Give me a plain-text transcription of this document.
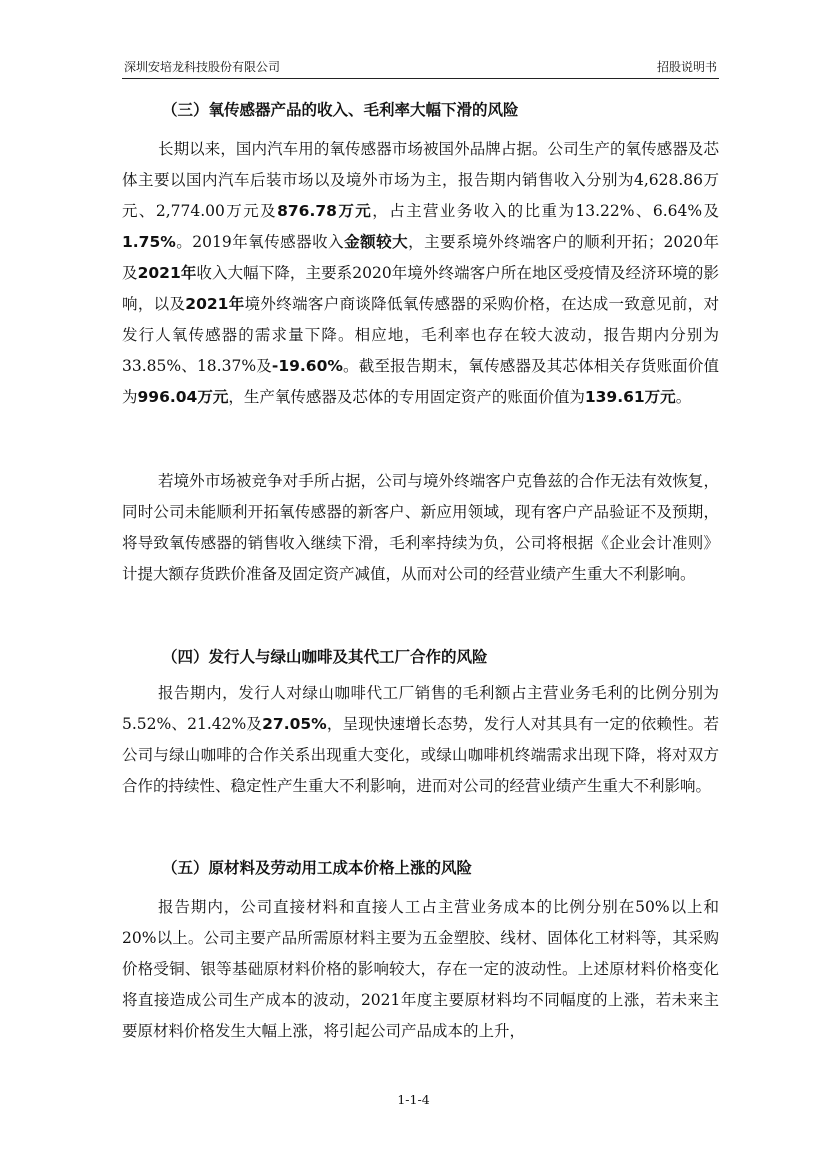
深圳安培龙科技股份有限公司	招股说明书
（三）氧传感器产品的收入、毛利率大幅下滑的风险
长期以来，国内汽车用的氧传感器市场被国外品牌占据。公司生产的氧传感器及芯体主要以国内汽车后装市场以及境外市场为主，报告期内销售收入分别为4,628.86万元、2,774.00万元及876.78万元，占主营业务收入的比重为13.22%、6.64%及1.75%。2019年氧传感器收入金额较大，主要系境外终端客户的顺利开拓；2020年及2021年收入大幅下降，主要系2020年境外终端客户所在地区受疫情及经济环境的影响，以及2021年境外终端客户商谈降低氧传感器的采购价格，在达成一致意见前，对发行人氧传感器的需求量下降。相应地，毛利率也存在较大波动，报告期内分别为33.85%、18.37%及-19.60%。截至报告期末，氧传感器及其芯体相关存货账面价值为996.04万元，生产氧传感器及芯体的专用固定资产的账面价值为139.61万元。
若境外市场被竞争对手所占据，公司与境外终端客户克鲁兹的合作无法有效恢复，同时公司未能顺利开拓氧传感器的新客户、新应用领域，现有客户产品验证不及预期，将导致氧传感器的销售收入继续下滑，毛利率持续为负，公司将根据《企业会计准则》计提大额存货跌价准备及固定资产减值，从而对公司的经营业绩产生重大不利影响。
（四）发行人与绿山咖啡及其代工厂合作的风险
报告期内，发行人对绿山咖啡代工厂销售的毛利额占主营业务毛利的比例分别为5.52%、21.42%及27.05%，呈现快速增长态势，发行人对其具有一定的依赖性。若公司与绿山咖啡的合作关系出现重大变化，或绿山咖啡机终端需求出现下降，将对双方合作的持续性、稳定性产生重大不利影响，进而对公司的经营业绩产生重大不利影响。
（五）原材料及劳动用工成本价格上涨的风险
报告期内，公司直接材料和直接人工占主营业务成本的比例分别在50%以上和20%以上。公司主要产品所需原材料主要为五金塑胶、线材、固体化工材料等，其采购价格受铜、银等基础原材料价格的影响较大，存在一定的波动性。上述原材料价格变化将直接造成公司生产成本的波动，2021年度主要原材料均不同幅度的上涨，若未来主要原材料价格发生大幅上涨，将引起公司产品成本的上升，
1-1-4
